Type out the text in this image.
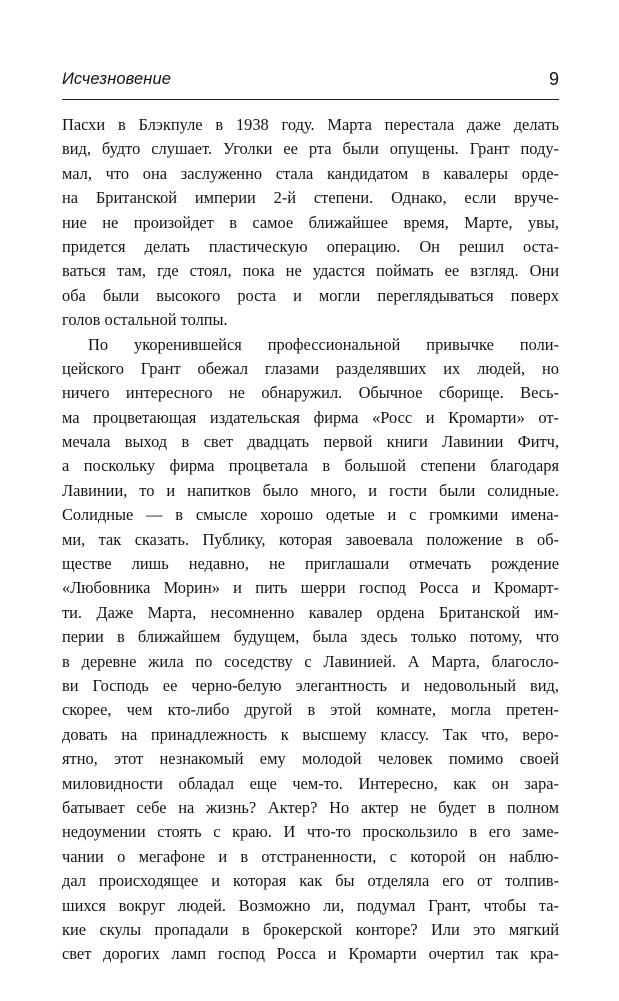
Исчезновение	9
Пасхи в Блэкпуле в 1938 году. Марта перестала даже делать
вид, будто слушает. Уголки ее рта были опущены. Грант поду-
мал, что она заслуженно стала кандидатом в кавалеры орде-
на Британской империи 2-й степени. Однако, если вруче-
ние не произойдет в самое ближайшее время, Марте, увы,
придется делать пластическую операцию. Он решил оста-
ваться там, где стоял, пока не удастся поймать ее взгляд. Они
оба были высокого роста и могли переглядываться поверх
голов остальной толпы.
По укоренившейся профессиональной привычке поли-
цейского Грант обежал глазами разделявших их людей, но
ничего интересного не обнаружил. Обычное сборище. Весь-
ма процветающая издательская фирма «Росс и Кромарти» от-
мечала выход в свет двадцать первой книги Лавинии Фитч,
а поскольку фирма процветала в большой степени благодаря
Лавинии, то и напитков было много, и гости были солидные.
Солидные — в смысле хорошо одетые и с громкими имена-
ми, так сказать. Публику, которая завоевала положение в об-
ществе лишь недавно, не приглашали отмечать рождение
«Любовника Морин» и пить шерри господ Росса и Кромарт-
ти. Даже Марта, несомненно кавалер ордена Британской им-
перии в ближайшем будущем, была здесь только потому, что
в деревне жила по соседству с Лавинией. А Марта, благосло-
ви Господь ее черно-белую элегантность и недовольный вид,
скорее, чем кто-либо другой в этой комнате, могла претен-
довать на принадлежность к высшему классу. Так что, веро-
ятно, этот незнакомый ему молодой человек помимо своей
миловидности обладал еще чем-то. Интересно, как он зара-
батывает себе на жизнь? Актер? Но актер не будет в полном
недоумении стоять с краю. И что-то проскользило в его заме-
чании о мегафоне и в отстраненности, с которой он наблю-
дал происходящее и которая как бы отделяла его от толпив-
шихся вокруг людей. Возможно ли, подумал Грант, чтобы та-
кие скулы пропадали в брокерской конторе? Или это мягкий
свет дорогих ламп господ Росса и Кромарти очертил так кра-
